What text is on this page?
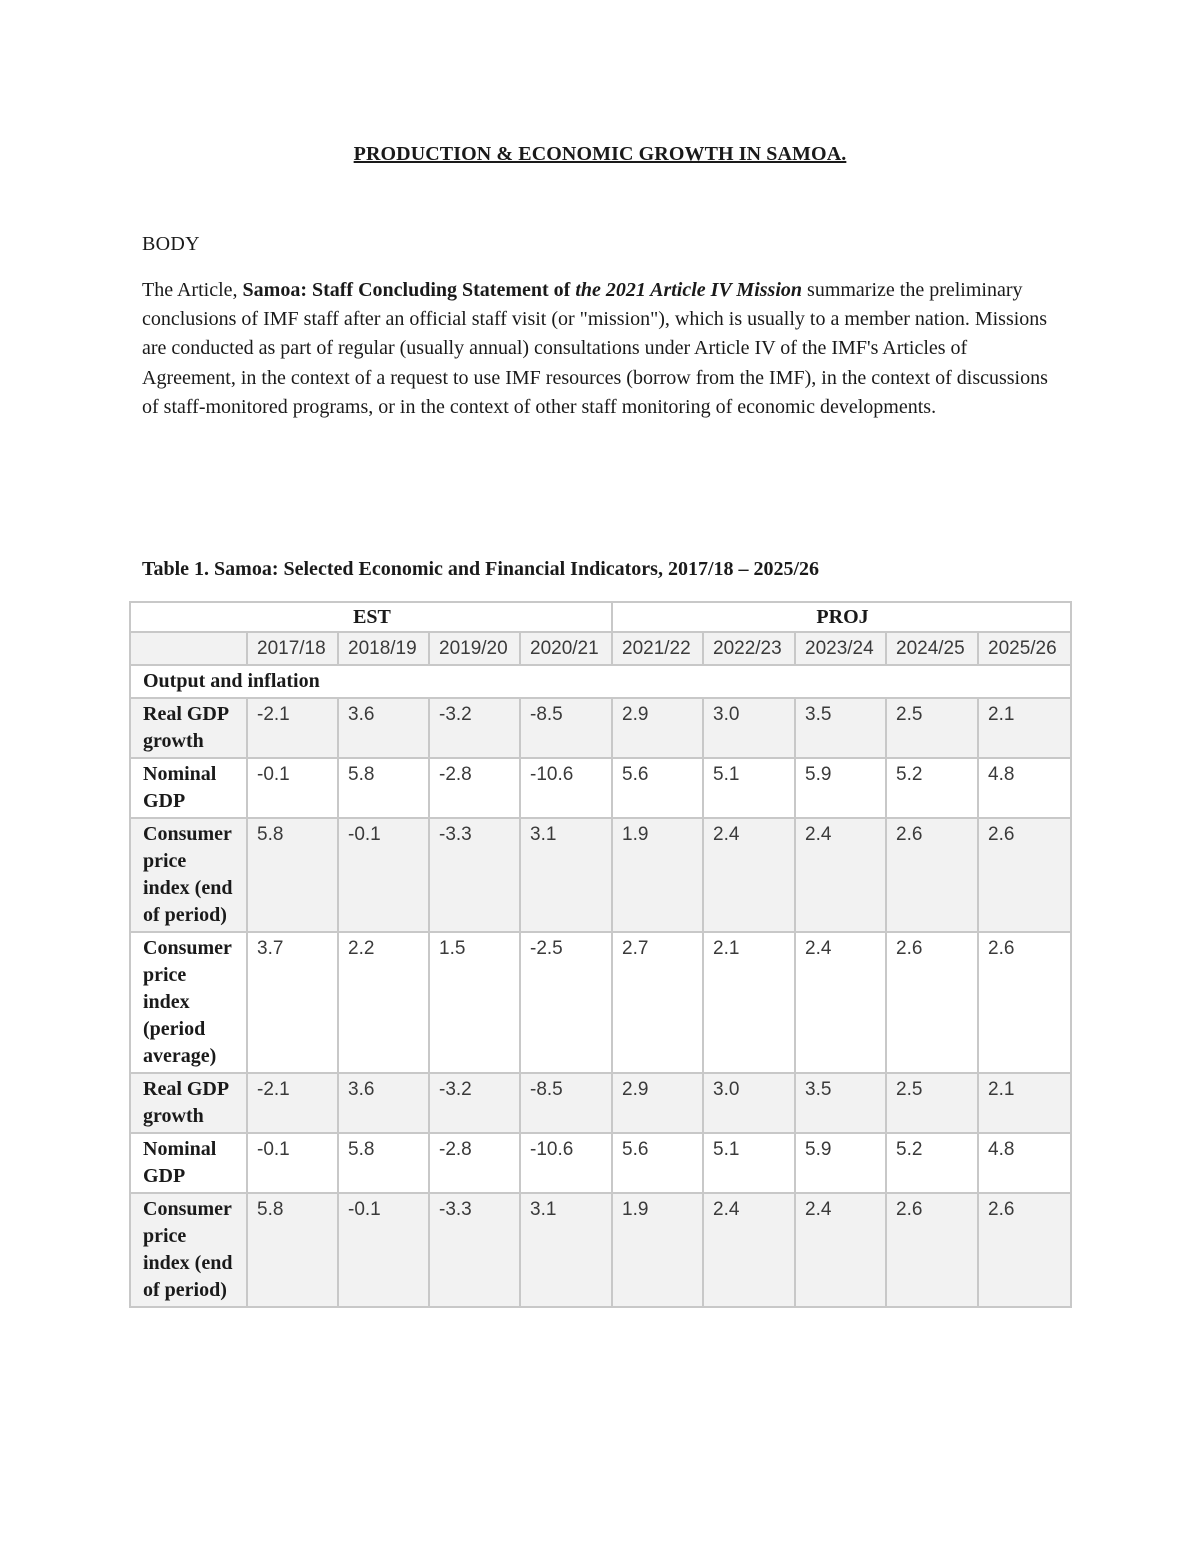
PRODUCTION & ECONOMIC GROWTH IN SAMOA.
BODY
The Article, Samoa: Staff Concluding Statement of the 2021 Article IV Mission summarize the preliminary conclusions of IMF staff after an official staff visit (or "mission"), which is usually to a member nation. Missions are conducted as part of regular (usually annual) consultations under Article IV of the IMF's Articles of Agreement, in the context of a request to use IMF resources (borrow from the IMF), in the context of discussions of staff-monitored programs, or in the context of other staff monitoring of economic developments.
Table 1. Samoa: Selected Economic and Financial Indicators, 2017/18 – 2025/26
EST					PROJ				
	2017/18	2018/19	2019/20	2020/21	2021/22	2022/23	2023/24	2024/25	2025/26
Output and inflation									
Real GDP growth	-2.1	3.6	-3.2	-8.5	2.9	3.0	3.5	2.5	2.1
Nominal GDP	-0.1	5.8	-2.8	-10.6	5.6	5.1	5.9	5.2	4.8
Consumer price index (end of period)	5.8	-0.1	-3.3	3.1	1.9	2.4	2.4	2.6	2.6
Consumer price index (period average)	3.7	2.2	1.5	-2.5	2.7	2.1	2.4	2.6	2.6
Real GDP growth	-2.1	3.6	-3.2	-8.5	2.9	3.0	3.5	2.5	2.1
Nominal GDP	-0.1	5.8	-2.8	-10.6	5.6	5.1	5.9	5.2	4.8
Consumer price index (end of period)	5.8	-0.1	-3.3	3.1	1.9	2.4	2.4	2.6	2.6
